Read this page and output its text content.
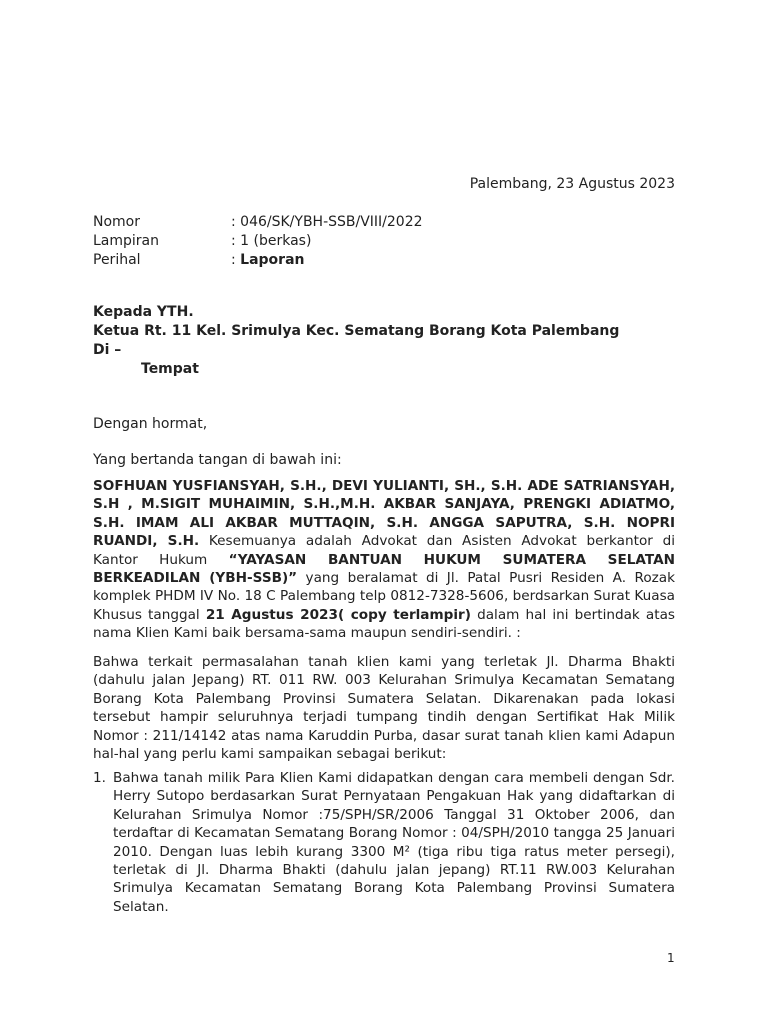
Palembang, 23 Agustus 2023
Nomor	: 046/SK/YBH-SSB/VIII/2022
Lampiran	: 1 (berkas)
Perihal	: Laporan
Kepada YTH.
Ketua Rt. 11 Kel. Srimulya Kec. Sematang Borang Kota Palembang
Di –
Tempat
Dengan hormat,
Yang bertanda tangan di bawah ini:
SOFHUAN YUSFIANSYAH, S.H., DEVI YULIANTI, SH., S.H. ADE SATRIANSYAH, S.H , M.SIGIT MUHAIMIN, S.H.,M.H. AKBAR SANJAYA, PRENGKI ADIATMO, S.H. IMAM ALI AKBAR MUTTAQIN, S.H. ANGGA SAPUTRA, S.H. NOPRI RUANDI, S.H. Kesemuanya adalah Advokat dan Asisten Advokat berkantor di Kantor Hukum “YAYASAN BANTUAN HUKUM SUMATERA SELATAN BERKEADILAN (YBH-SSB)” yang beralamat di Jl. Patal Pusri Residen A. Rozak komplek PHDM IV No. 18 C Palembang telp 0812-7328-5606, berdsarkan Surat Kuasa Khusus tanggal 21 Agustus 2023( copy terlampir) dalam hal ini bertindak atas nama Klien Kami baik bersama-sama maupun sendiri-sendiri. :
Bahwa terkait permasalahan tanah klien kami yang terletak Jl. Dharma Bhakti (dahulu jalan Jepang) RT. 011 RW. 003 Kelurahan Srimulya Kecamatan Sematang Borang Kota Palembang Provinsi Sumatera Selatan. Dikarenakan pada lokasi tersebut hampir seluruhnya terjadi tumpang tindih dengan Sertifikat Hak Milik Nomor : 211/14142 atas nama Karuddin Purba, dasar surat tanah klien kami Adapun hal-hal yang perlu kami sampaikan sebagai berikut:
1. Bahwa tanah milik Para Klien Kami didapatkan dengan cara membeli dengan Sdr. Herry Sutopo berdasarkan Surat Pernyataan Pengakuan Hak yang didaftarkan di Kelurahan Srimulya Nomor :75/SPH/SR/2006 Tanggal 31 Oktober 2006, dan terdaftar di Kecamatan Sematang Borang Nomor : 04/SPH/2010 tangga 25 Januari 2010. Dengan luas lebih kurang 3300 M² (tiga ribu tiga ratus meter persegi), terletak di Jl. Dharma Bhakti (dahulu jalan jepang) RT.11 RW.003 Kelurahan Srimulya Kecamatan Sematang Borang Kota Palembang Provinsi Sumatera Selatan.
1
